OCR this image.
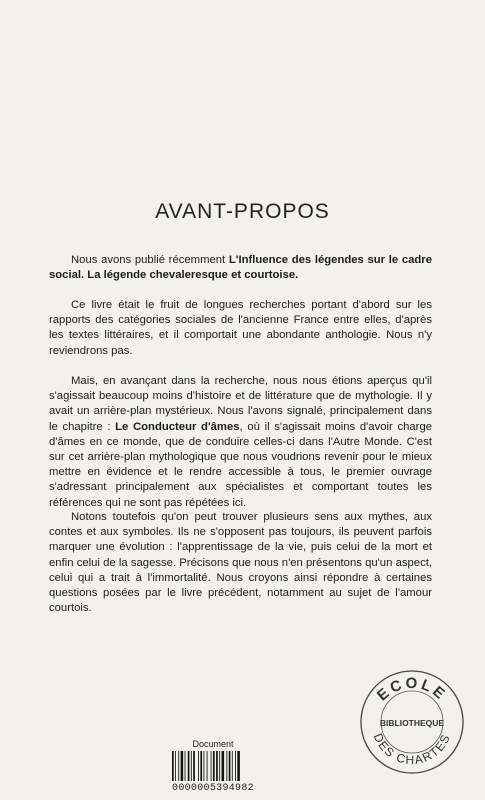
AVANT-PROPOS

Nous avons publié récemment L'Influence des légendes sur le cadre social. La légende chevaleresque et courtoise.

Ce livre était le fruit de longues recherches portant d'abord sur les rapports des catégories sociales de l'ancienne France entre elles, d'après les textes littéraires, et il comportait une abondante anthologie. Nous n'y reviendrons pas.

Mais, en avançant dans la recherche, nous nous étions aperçus qu'il s'agissait beaucoup moins d'histoire et de littérature que de mythologie. Il y avait un arrière-plan mystérieux. Nous l'avons signalé, principalement dans le chapitre : Le Conducteur d'âmes, où il s'agissait moins d'avoir charge d'âmes en ce monde, que de conduire celles-ci dans l'Autre Monde. C'est sur cet arrière-plan mythologique que nous voudrions revenir pour le mieux mettre en évidence et le rendre accessible à tous, le premier ouvrage s'adressant principalement aux spécialistes et comportant toutes les références qui ne sont pas répétées ici.

Notons toutefois qu'on peut trouver plusieurs sens aux mythes, aux contes et aux symboles. Ils ne s'opposent pas toujours, ils peuvent parfois marquer une évolution : l'apprentissage de la vie, puis celui de la mort et enfin celui de la sagesse. Précisons que nous n'en présentons qu'un aspect, celui qui a trait à l'immortalité. Nous croyons ainsi répondre à certaines questions posées par le livre précédent, notamment au sujet de l'amour courtois.

Document
0000005394982
ECOLE
BIBLIOTHEQUE
DES CHARTES
